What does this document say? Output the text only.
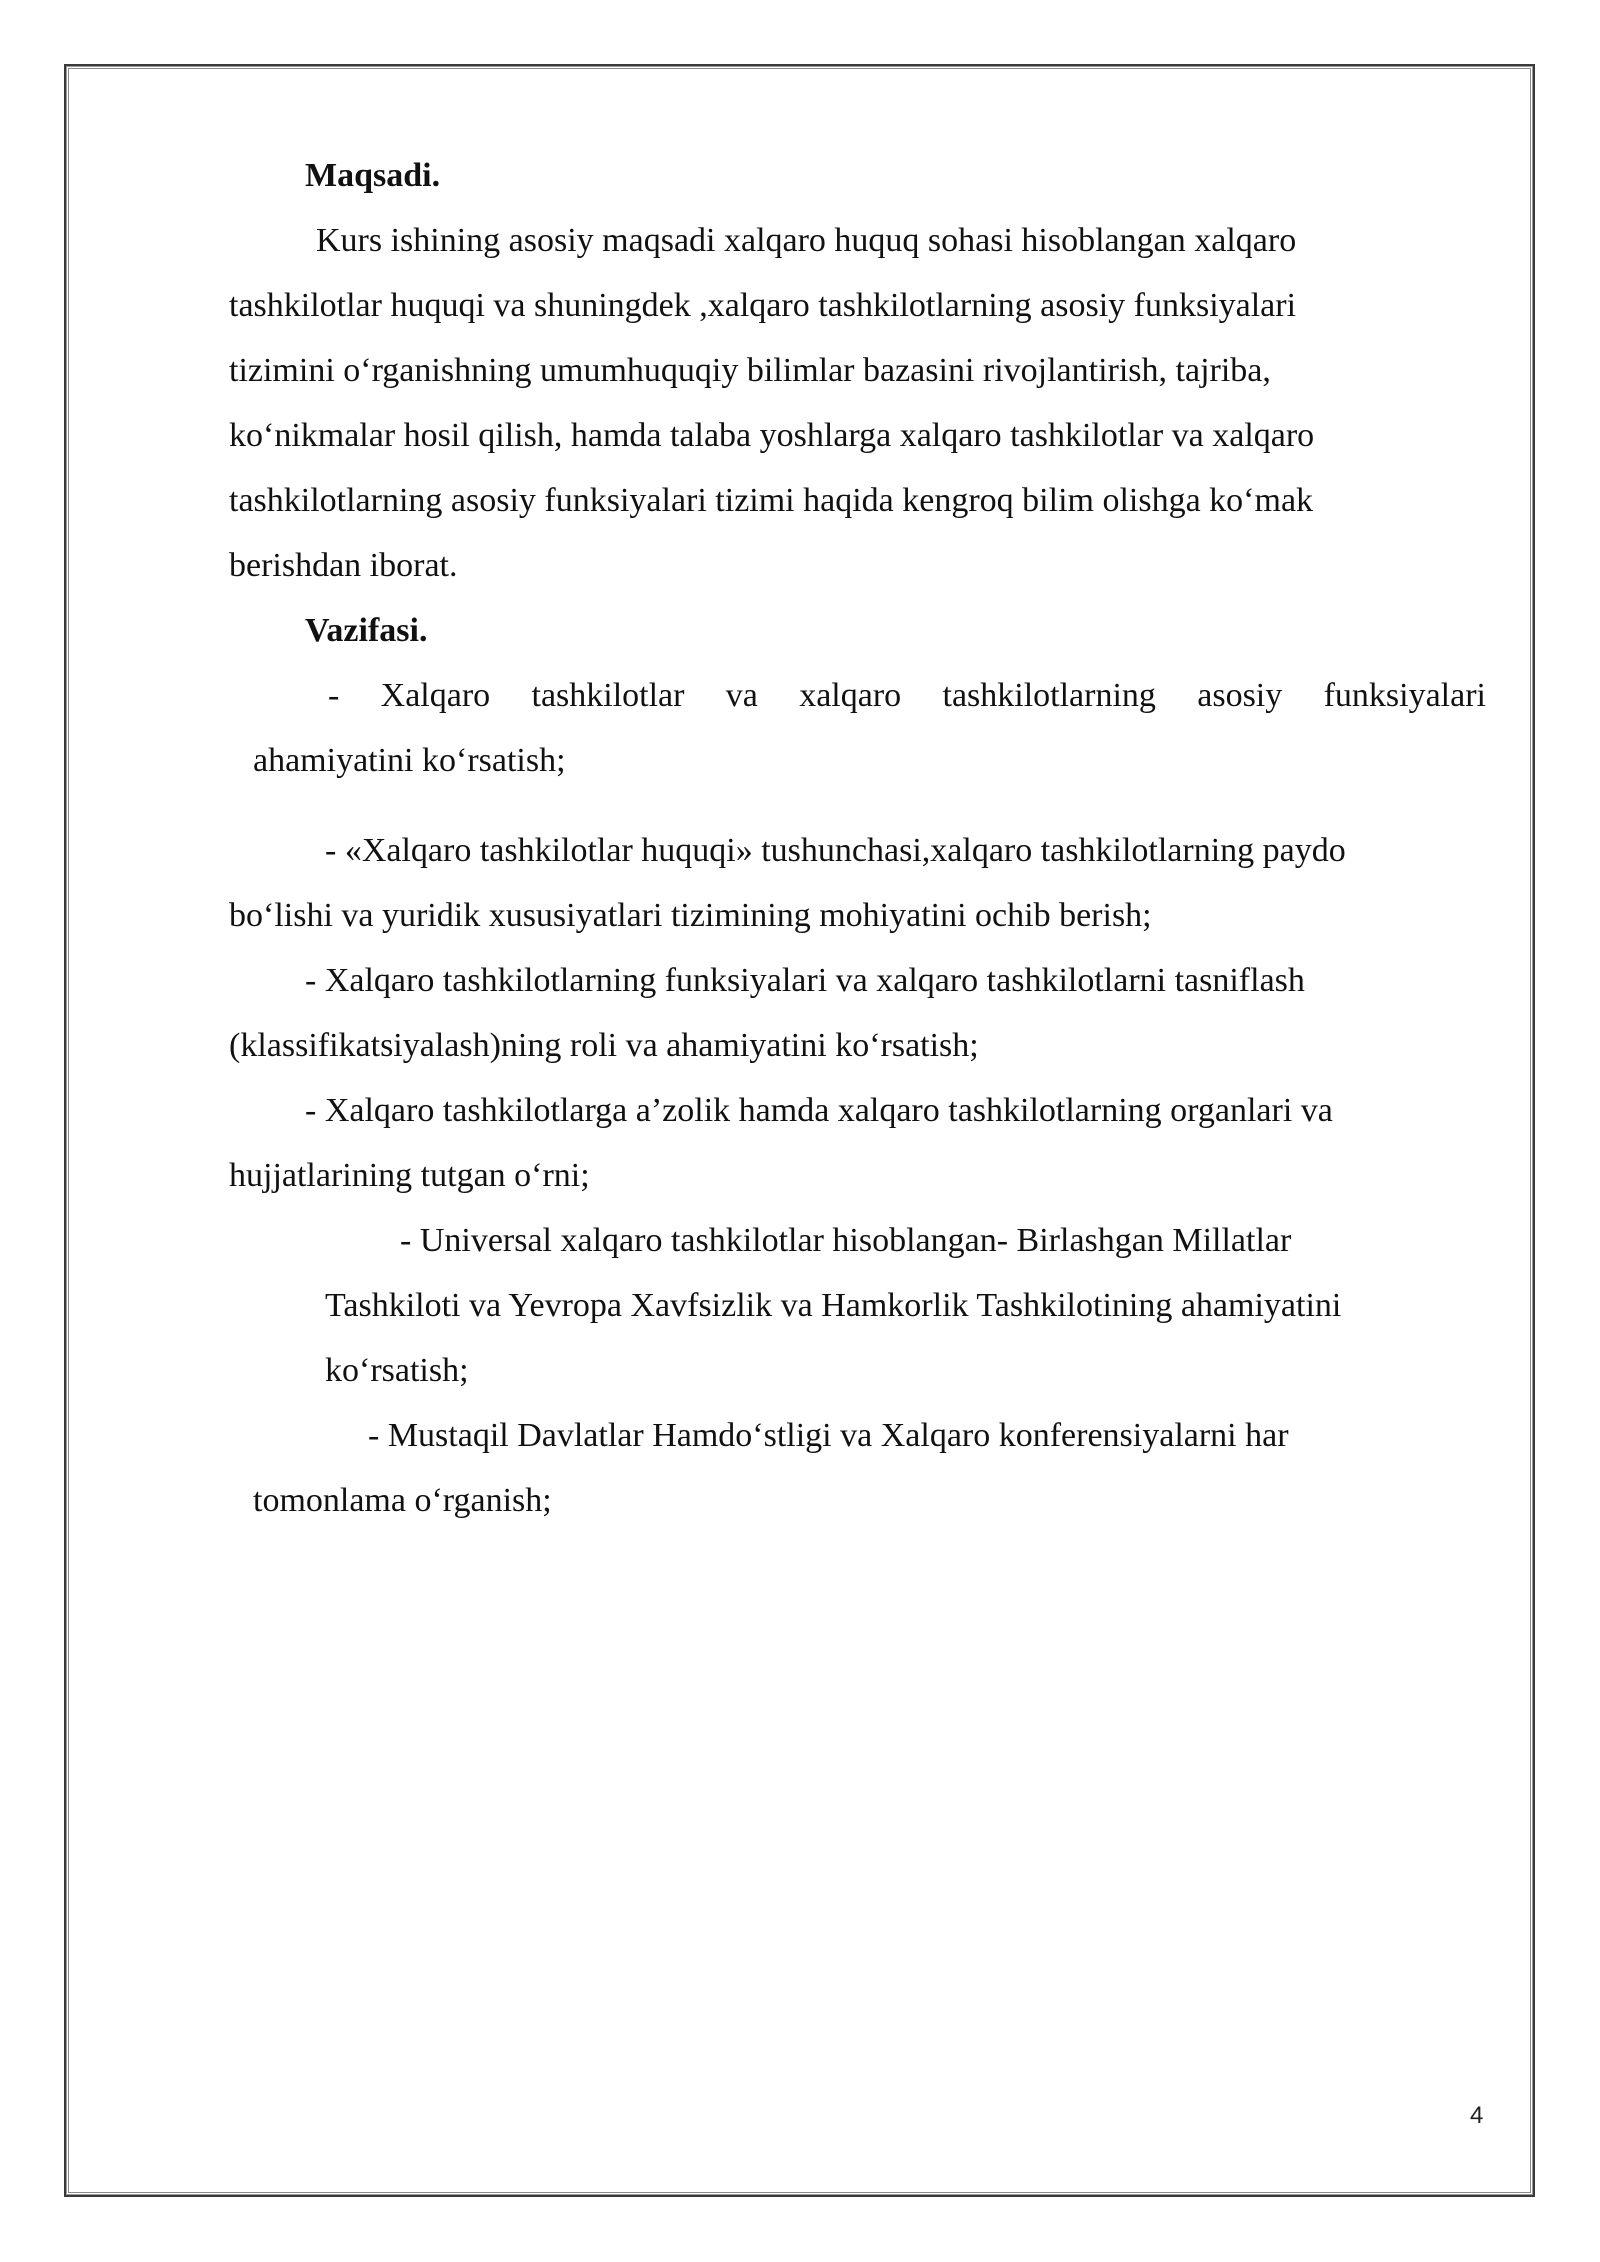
Maqsadi.
Kurs ishining asosiy maqsadi xalqaro huquq sohasi hisoblangan xalqaro
tashkilotlar huquqi va shuningdek ,xalqaro tashkilotlarning asosiy funksiyalari
tizimini o‘rganishning umumhuquqiy bilimlar bazasini rivojlantirish, tajriba,
ko‘nikmalar hosil qilish, hamda talaba yoshlarga xalqaro tashkilotlar va xalqaro
tashkilotlarning asosiy funksiyalari tizimi haqida kengroq bilim olishga ko‘mak
berishdan iborat.
Vazifasi.
- Xalqaro tashkilotlar va xalqaro tashkilotlarning asosiy funksiyalari
ahamiyatini ko‘rsatish;
- «Xalqaro tashkilotlar huquqi» tushunchasi,xalqaro tashkilotlarning paydo
bo‘lishi va yuridik xususiyatlari tizimining mohiyatini ochib berish;
- Xalqaro tashkilotlarning funksiyalari va xalqaro tashkilotlarni tasniflash
(klassifikatsiyalash)ning roli va ahamiyatini ko‘rsatish;
- Xalqaro tashkilotlarga a’zolik hamda xalqaro tashkilotlarning organlari va
hujjatlarining tutgan o‘rni;
- Universal xalqaro tashkilotlar hisoblangan- Birlashgan Millatlar
Tashkiloti va Yevropa Xavfsizlik va Hamkorlik Tashkilotining ahamiyatini
ko‘rsatish;
- Mustaqil Davlatlar Hamdo‘stligi va Xalqaro konferensiyalarni har
tomonlama o‘rganish;
4
